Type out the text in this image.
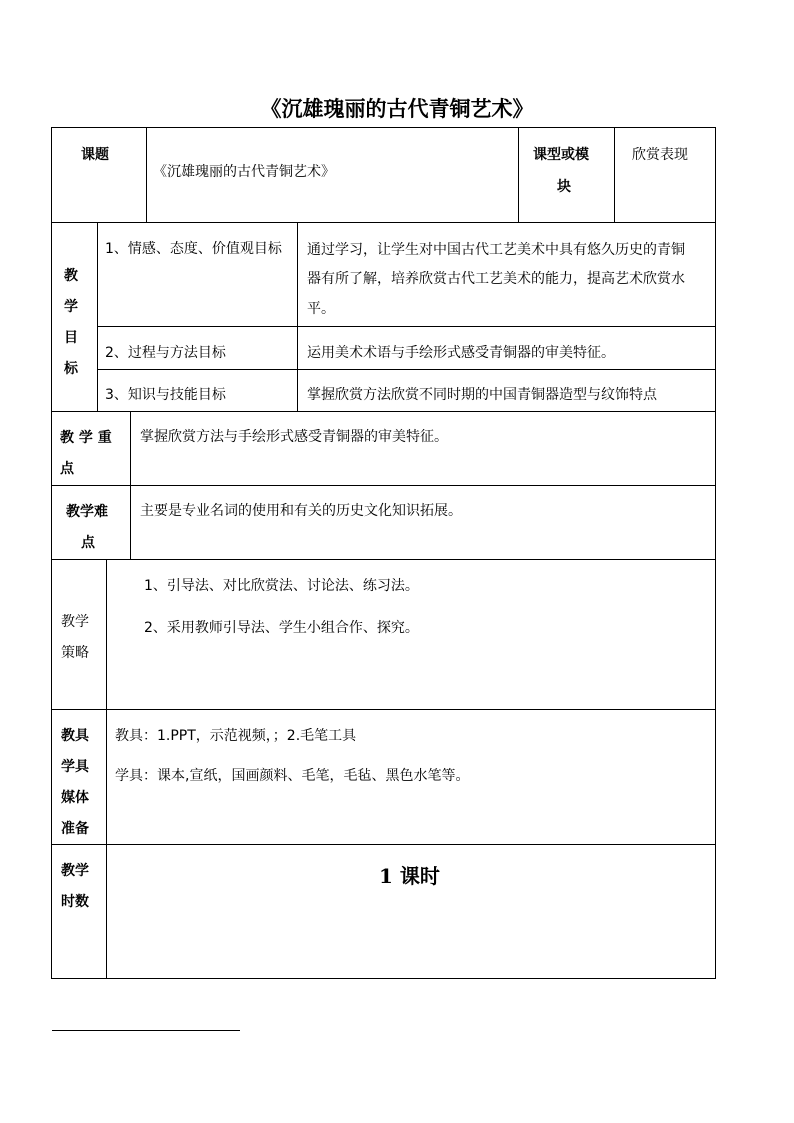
《沉雄瑰丽的古代青铜艺术》
课题
《沉雄瑰丽的古代青铜艺术》
课型或模
块
欣赏表现
教
学
目
标
1、情感、态度、价值观目标 通过学习，让学生对中国古代工艺美术中具有悠久历史的青铜
器有所了解，培养欣赏古代工艺美术的能力，提高艺术欣赏水
平。
2、过程与方法目标	运用美术术语与手绘形式感受青铜器的审美特征。
3、知识与技能目标	掌握欣赏方法欣赏不同时期的中国青铜器造型与纹饰特点
教 学 重
点
掌握欣赏方法与手绘形式感受青铜器的审美特征。
教学难
点
主要是专业名词的使用和有关的历史文化知识拓展。
教学
策略
1、引导法、对比欣赏法、讨论法、练习法。
2、采用教师引导法、学生小组合作、探究。
教具
学具
媒体
准备
教具：1.PPT，示范视频，；2.毛笔工具
学具：课本,宣纸，国画颜料、毛笔，毛毡、黑色水笔等。
教学
时数
1 课时
